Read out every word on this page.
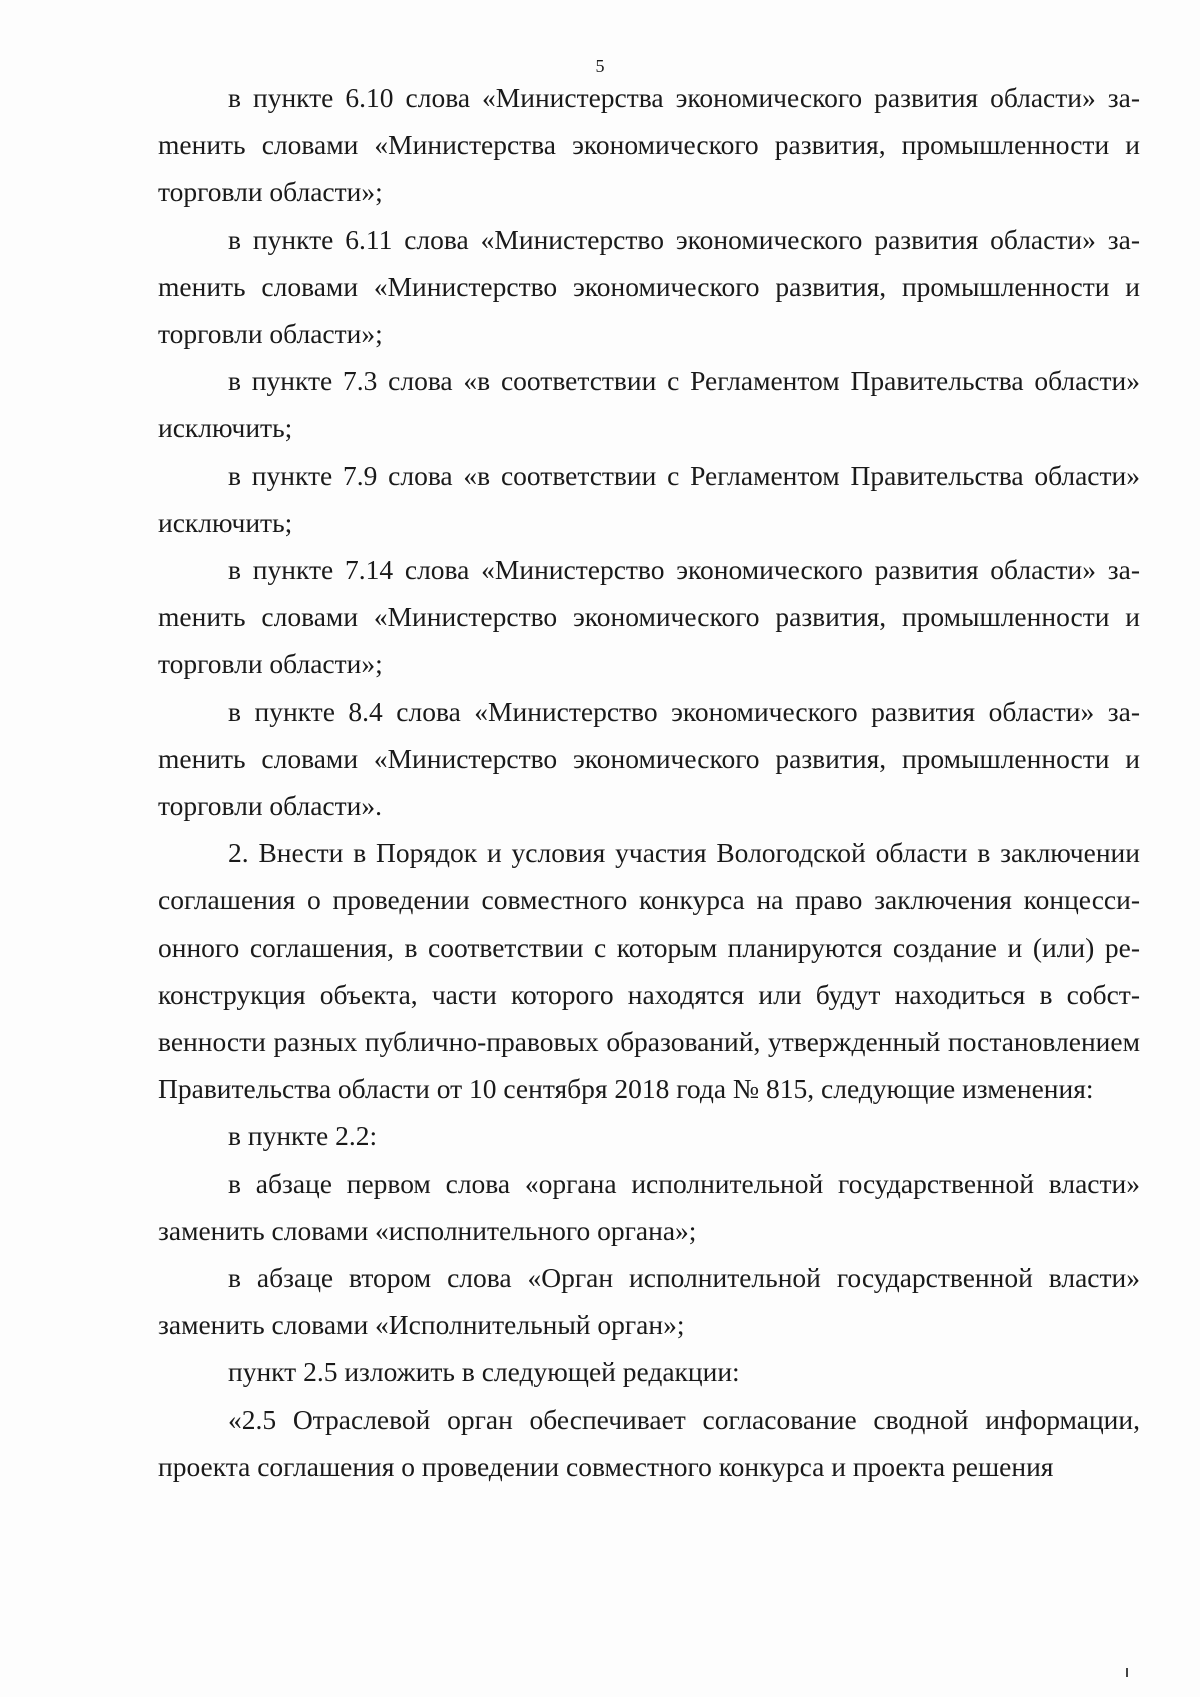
5

в пункте 6.10 слова «Министерства экономического развития области» заmенить словами «Министерства экономического развития, промышленности и торговли области»;

в пункте 6.11 слова «Министерство экономического развития области» заmенить словами «Министерство экономического развития, промышленности и торговли области»;

в пункте 7.3 слова «в соответствии с Регламентом Правительства области» исключить;

в пункте 7.9 слова «в соответствии с Регламентом Правительства области» исключить;

в пункте 7.14 слова «Министерство экономического развития области» заmенить словами «Министерство экономического развития, промышленности и торговли области»;

в пункте 8.4 слова «Министерство экономического развития области» заmенить словами «Министерство экономического развития, промышленности и торговли области».

2. Внести в Порядок и условия участия Вологодской области в заключении соглашения о проведении совместного конкурса на право заключения концессионного соглашения, в соответствии с которым планируются создание и (или) реконструкция объекта, части которого находятся или будут находиться в собственности разных публично-правовых образований, утвержденный постановлением Правительства области от 10 сентября 2018 года № 815, следующие изменения:

в пункте 2.2:

в абзаце первом слова «органа исполнительной государственной власти» заменить словами «исполнительного органа»;

в абзаце втором слова «Орган исполнительной государственной власти» заменить словами «Исполнительный орган»;

пункт 2.5 изложить в следующей редакции:

«2.5 Отраслевой орган обеспечивает согласование сводной информации, проекта соглашения о проведении совместного конкурса и проекта решения
